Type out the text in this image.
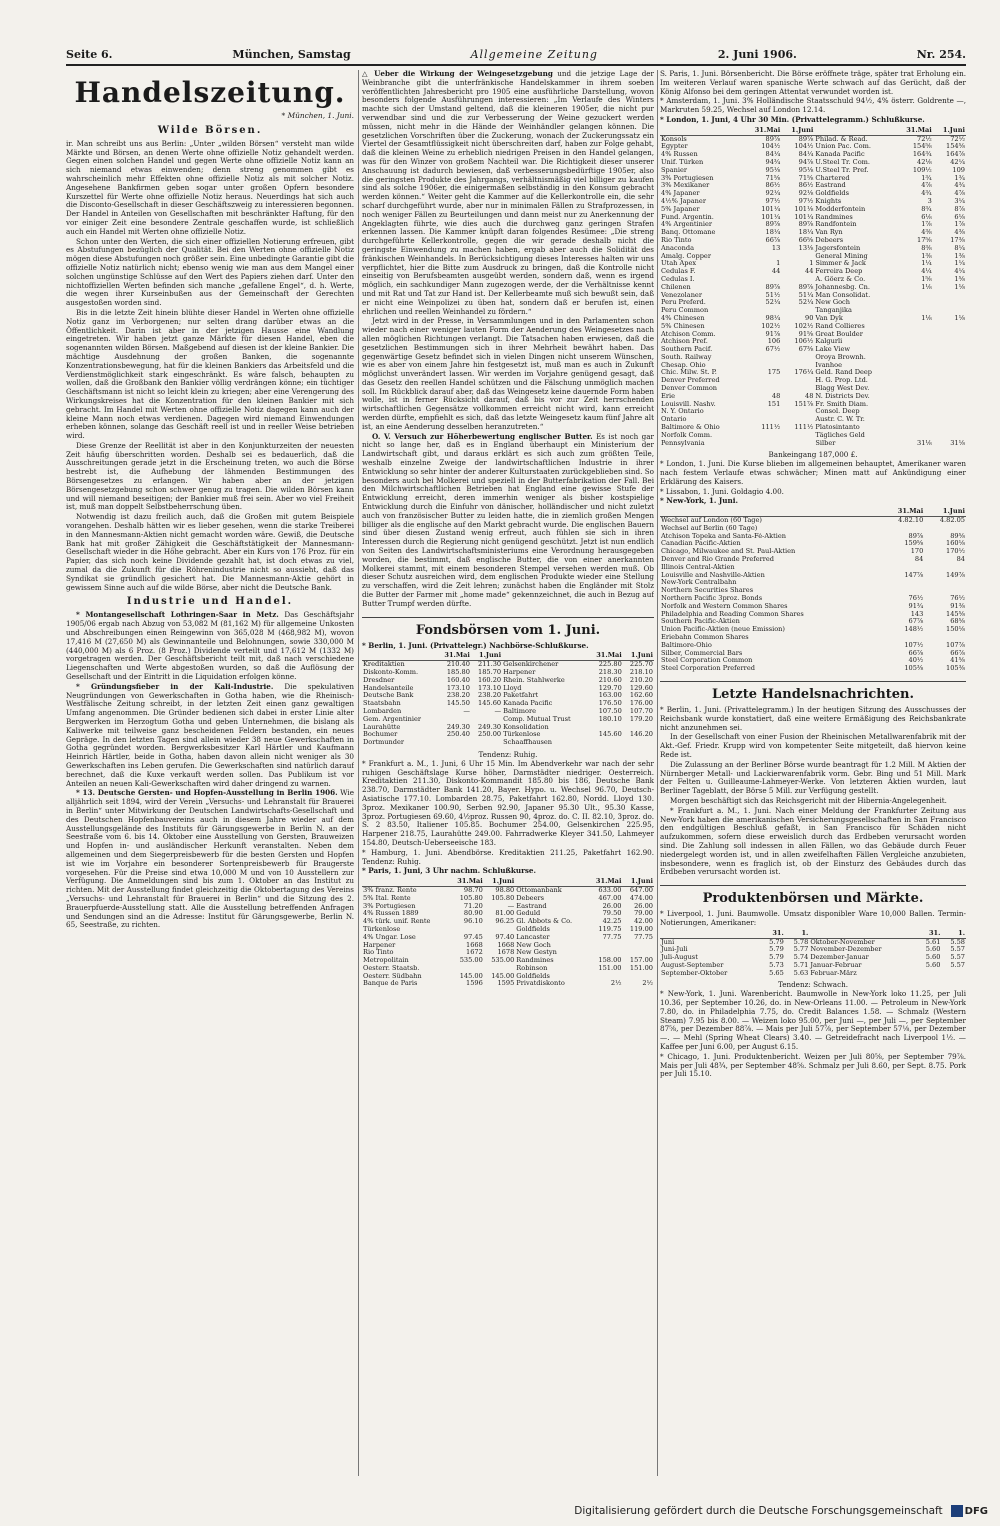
Seite 6.	München, Samstag	Allgemeine Zeitung	2. Juni 1906.	Nr. 254.
Handelszeitung.
* München, 1. Juni.
Wilde Börsen.

ir. Man schreibt uns aus Berlin: „Unter „wilden Börsen“ versteht man wilde Märkte und Börsen, an denen Werte ohne offizielle Notiz gehandelt werden. Gegen einen solchen Handel und gegen Werte ohne offizielle Notiz kann an sich niemand etwas einwenden; denn streng genommen gibt es wahrscheinlich mehr Effekten ohne offizielle Notiz als mit solcher Notiz. Angesehene Bankfirmen geben sogar unter großen Opfern besondere Kurszettel für Werte ohne offizielle Notiz heraus. Neuerdings hat sich auch die Disconto-Gesellschaft in dieser Geschäftszweig zu interessieren begonnen. Der Handel in Anteilen von Gesellschaften mit beschränkter Haftung, für den vor einiger Zeit eine besondere Zentrale geschaffen wurde, ist schließlich auch ein Handel mit Werten ohne offizielle Notiz.

Schon unter den Werten, die sich einer offiziellen Notierung erfreuen, gibt es Abstufungen bezüglich der Qualität. Bei den Werten ohne offizielle Notiz mögen diese Abstufungen noch größer sein. Eine unbedingte Garantie gibt die offizielle Notiz natürlich nicht; ebenso wenig wie man aus dem Mangel einer solchen ungünstige Schlüsse auf den Wert des Papiers ziehen darf. Unter den nichtoffiziellen Werten befinden sich manche „gefallene Engel“, d. h. Werte, die wegen ihrer Kurseinbußen aus der Gemeinschaft der Gerechten ausgestoßen worden sind.

Bis in die letzte Zeit hinein blühte dieser Handel in Werten ohne offizielle Notiz ganz im Verborgenen; nur selten drang darüber etwas an die Öffentlichkeit. Darin ist aber in der jetzigen Hausse eine Wandlung eingetreten. Wir haben jetzt ganze Märkte für diesen Handel, eben die sogenannten wilden Börsen. Maßgebend auf diesen ist der kleine Bankier. Die mächtige Ausdehnung der großen Banken, die sogenannte Konzentrationsbewegung, hat für die kleinen Bankiers das Arbeitsfeld und die Verdienstmöglichkeit stark eingeschränkt. Es wäre falsch, behaupten zu wollen, daß die Großbank den Bankier völlig verdrängen könne; ein tüchtiger Geschäftsmann ist nicht so leicht klein zu kriegen; aber eine Verengerung des Wirkungskreises hat die Konzentration für den kleinen Bankier mit sich gebracht. Im Handel mit Werten ohne offizielle Notiz dagegen kann auch der kleine Mann noch etwas verdienen. Dagegen wird niemand Einwendungen erheben können, solange das Geschäft reell ist und in reeller Weise betrieben wird.

Diese Grenze der Reellität ist aber in den Konjunkturzeiten der neuesten Zeit häufig überschritten worden. Deshalb sei es bedauerlich, daß die Ausschreitungen gerade jetzt in die Erscheinung treten, wo auch die Börse bestrebt ist, die Aufhebung der lähmenden Bestimmungen des Börsengesetzes zu erlangen. Wir haben aber an der jetzigen Börsengesetzgebung schon schwer genug zu tragen. Die wilden Börsen kann und will niemand beseitigen; der Bankier muß frei sein. Aber wo viel Freiheit ist, muß man doppelt Selbstbeherrschung üben.

Notwendig ist dazu freilich auch, daß die Großen mit gutem Beispiele vorangehen. Deshalb hätten wir es lieber gesehen, wenn die starke Treiberei in den Mannesmann-Aktien nicht gemacht worden wäre. Gewiß, die Deutsche Bank hat mit großer Zähigkeit die Geschäftstätigkeit der Mannesmann-Gesellschaft wieder in die Höhe gebracht. Aber ein Kurs von 176 Proz. für ein Papier, das sich noch keine Dividende gezahlt hat, ist doch etwas zu viel, zumal da die Zukunft für die Röhrenindustrie nicht so aussieht, daß das Syndikat sie gründlich gesichert hat. Die Mannesmann-Aktie gehört in gewissem Sinne auch auf die wilde Börse, aber nicht die Deutsche Bank.

Industrie und Handel.

* Montangesellschaft Lothringen-Saar in Metz. Das Geschäftsjahr 1905/06 ergab nach Abzug von 53,082 M (81,162 M) für allgemeine Unkosten und Abschreibungen einen Reingewinn von 365,028 M (468,982 M), wovon 17,416 M (27,650 M) als Gewinnanteile und Belohnungen, sowie 330,000 M (440,000 M) als 6 Proz. (8 Proz.) Dividende verteilt und 17,612 M (1332 M) vorgetragen werden. Der Geschäftsbericht teilt mit, daß nach verschiedene Liegenschaften und Werte abgestoßen wurden, so daß die Auflösung der Gesellschaft und der Eintritt in die Liquidation erfolgen könne.

* Gründungsfieber in der Kali-Industrie. Die spekulativen Neugründungen von Gewerkschaften in Gotha haben, wie die Rheinisch-Westfälische Zeitung schreibt, in der letzten Zeit einen ganz gewaltigen Umfang angenommen. Die Gründer bedienen sich dabei in erster Linie alter Bergwerken im Herzogtum Gotha und geben Unternehmen, die bislang als Kaliwerke mit teilweise ganz bescheidenen Feldern bestanden, ein neues Gepräge. In den letzten Tagen sind allein wieder 38 neue Gewerkschaften in Gotha gegründet worden. Bergwerksbesitzer Karl Härtler und Kaufmann Heinrich Härtler, beide in Gotha, haben davon allein nicht weniger als 30 Gewerkschaften ins Leben gerufen. Die Gewerkschaften sind natürlich darauf berechnet, daß die Kuxe verkauft werden sollen. Das Publikum ist vor Anteilen an neuen Kali-Gewerkschaften wird daher dringend zu warnen.

* 13. Deutsche Gersten- und Hopfen-Ausstellung in Berlin 1906. Wie alljährlich seit 1894, wird der Verein „Versuchs- und Lehranstalt für Brauerei in Berlin“ unter Mitwirkung der Deutschen Landwirtschafts-Gesellschaft und des Deutschen Hopfenbauvereins auch in diesem Jahre wieder auf dem Ausstellungsgelände des Instituts für Gärungsgewerbe in Berlin N. an der Seestraße vom 6. bis 14. Oktober eine Ausstellung von Gersten, Brauweizen und Hopfen in- und ausländischer Herkunft veranstalten. Neben dem allgemeinen und dem Siegerpreisbewerb für die besten Gersten und Hopfen ist wie im Vorjahre ein besonderer Sortenpreisbewerb für Braugerste vorgesehen. Für die Preise sind etwa 10,000 M und von 10 Ausstellern zur Verfügung. Die Anmeldungen sind bis zum 1. Oktober an das Institut zu richten. Mit der Ausstellung findet gleichzeitig die Oktobertagung des Vereins „Versuchs- und Lehranstalt für Brauerei in Berlin“ und die Sitzung des 2. Brauerpfuerde-Ausstellung statt. Alle die Ausstellung betreffenden Anfragen und Sendungen sind an die Adresse: Institut für Gärungsgewerbe, Berlin N. 65, Seestraße, zu richten.

△ Ueber die Wirkung der Weingesetzgebung und die jetzige Lage der Weinbranche gibt die unterfränkische Handelskammer in ihrem soeben veröffentlichten Jahresbericht pro 1905 eine ausführliche Darstellung, wovon besonders folgende Ausführungen interessieren: „Im Verlaufe des Winters machte sich der Umstand geltend, daß die kleineren 1905er, die nicht pur verwendbar sind und die zur Verbesserung der Weine gezuckert werden müssen, nicht mehr in die Hände der Weinhändler gelangen können. Die gesetzlichen Vorschriften über die Zuckerung, wonach der Zuckerungssatz ein Viertel der Gesamtflüssigkeit nicht überschreiten darf, haben zur Folge gehabt, daß die kleinen Weine zu erheblich niedrigen Preisen in den Handel gelangen, was für den Winzer von großem Nachteil war. Die Richtigkeit dieser unserer Anschauung ist dadurch bewiesen, daß verbesserungsbedürftige 1905er, also die geringsten Produkte des Jahrgangs, verhältnismäßig viel billiger zu kaufen sind als solche 1906er, die einigermaßen selbständig in den Konsum gebracht werden können.“ Weiter geht die Kammer auf die Kellerkontrolle ein, die sehr scharf durchgeführt wurde, aber nur in minimalen Fällen zu Strafprozessen, in noch weniger Fällen zu Beurteilungen und dann meist nur zu Anerkennung der Angeklagten führte, wie dies auch die durchweg ganz geringen Strafen erkennen lassen. Die Kammer knüpft daran folgendes Resümee: „Die streng durchgeführte Kellerkontrolle, gegen die wir gerade deshalb nicht die geringste Einwendung zu machen haben, ergab aber auch die Solidität des fränkischen Weinhandels. In Berücksichtigung dieses Interesses halten wir uns verpflichtet, hier die Bitte zum Ausdruck zu bringen, daß die Kontrolle nicht einseitig von Berufsbeamten ausgeübt werden, sondern daß, wenn es irgend möglich, ein sachkundiger Mann zugezogen werde, der die Verhältnisse kennt und mit Rat und Tat zur Hand ist. Der Kellerbeamte muß sich bewußt sein, daß er nicht eine Weinpolizei zu üben hat, sondern daß er berufen ist, einen ehrlichen und reellen Weinhandel zu fördern.“

Jetzt wird in der Presse, in Versammlungen und in den Parlamenten schon wieder nach einer weniger lauten Form der Aenderung des Weingesetzes nach allen möglichen Richtungen verlangt. Die Tatsachen haben erwiesen, daß die gesetzlichen Bestimmungen sich in ihrer Mehrheit bewährt haben. Das gegenwärtige Gesetz befindet sich in vielen Dingen nicht unserem Wünschen, wie es aber von einem Jahre hin festgesetzt ist, muß man es auch in Zukunft möglichst unverändert lassen. Wir werden im Vorjahre genügend gesagt, daß das Gesetz den reellen Handel schützen und die Fälschung unmöglich machen soll. Im Rückblick darauf aber, daß das Weingesetz keine dauernde Form haben wolle, ist in ferner Rücksicht darauf, daß bis vor zur Zeit herrschenden wirtschaftlichen Gegensätze vollkommen erreicht nicht wird, kann erreicht werden dürfte, empfiehlt es sich, daß das letzte Weingesetz kaum fünf Jahre alt ist, an eine Aenderung desselben heranzutreten.“

O. V. Versuch zur Höherbewertung englischer Butter. Es ist noch gar nicht so lange her, daß es in England überhaupt ein Ministerium der Landwirtschaft gibt, und daraus erklärt es sich auch zum größten Teile, weshalb einzelne Zweige der landwirtschaftlichen Industrie in ihrer Entwicklung so sehr hinter der anderer Kulturstaaten zurückgeblieben sind. So besonders auch bei Molkerei und speziell in der Butterfabrikation der Fall. Bei den Milchwirtschaftlichen Betrieben hat England eine gewisse Stufe der Entwicklung erreicht, deren immerhin weniger als bisher kostspielige Entwicklung durch die Einfuhr von dänischer, holländischer und nicht zuletzt auch von französischer Butter zu leiden hatte, die in ziemlich großen Mengen billiger als die englische auf den Markt gebracht wurde. Die englischen Bauern sind über diesen Zustand wenig erfreut, auch fühlen sie sich in ihren Interessen durch die Regierung nicht genügend geschützt. Jetzt ist nun endlich von Seiten des Landwirtschaftsministeriums eine Verordnung herausgegeben worden, die bestimmt, daß englische Butter, die von einer anerkannten Molkerei stammt, mit einem besonderen Stempel versehen werden muß. Ob dieser Schutz ausreichen wird, dem englischen Produkte wieder eine Stellung zu verschaffen, wird die Zeit lehren; zunächst haben die Engländer mit Stolz die Butter der Farmer mit „home made“ gekennzeichnet, die auch in Bezug auf Butter Trumpf werden dürfte.

Fondsbörsen vom 1. Juni.
* Berlin, 1. Juni. (Privattelegr.) Nachbörse-Schlußkurse.
	31.Mai	1.Juni		31.Mai	1.Juni
Kreditaktien	210.40	211.30	Gelsenkirchener	225.80	225.70
Diskonto-Komm.	185.80	185.70	Harpener	218.30	218.10
Dresdner	160.40	160.20	Rhein. Stahlwerke	210.60	210.20
Handelsanteile	173.10	173.10	Lloyd	129.70	129.60
Deutsche Bank	238.20	238.20	Paketfahrt	163.00	162.60
Staatsbahn	145.50	145.60	Kanada Pacific	176.50	176.00
Lombarden	—	—	Baltimore	107.50	107.70
Gem. Argentinier			Comp. Mutual Trust	180.10	179.20
Laurahütte	249.30	249.30	Konsolidation		
Bochumer	250.40	250.00	Türkenlose	145.60	146.20
Dortmunder			Schaaffhausen		
Tendenz: Ruhig.

* Frankfurt a. M., 1. Juni, 6 Uhr 15 Min. Im Abendverkehr war nach der sehr ruhigen Geschäftslage Kurse höher, Darmstädter niedriger. Oesterreich. Kreditaktien 211.30, Diskonto-Kommandit 185.80 bis 186, Deutsche Bank 238.70, Darmstädter Bank 141.20, Bayer. Hypo. u. Wechsel 96.70, Deutsch-Asiatische 177.10. Lombarden 28.75, Paketfahrt 162.80, Nordd. Lloyd 130. 3proz. Mexikaner 100.90, Serben 92.90, Japaner 95.30 Ult., 95.30 Kasse, 3proz. Portugiesen 69.60, 4½proz. Russen 90, 4proz. do. C. II. 82.10, 3proz. do. S. 2 83.50, Italiener 105.85. Bochumer 254.00, Gelsenkirchen 225.95, Harpener 218.75, Laurahütte 249.00. Fahrradwerke Kleyer 341.50, Lahmeyer 154.80, Deutsch-Ueberseeische 183.

* Hamburg, 1. Juni. Abendbörse. Kreditaktien 211.25, Paketfahrt 162.90. Tendenz: Ruhig.

* Paris, 1. Juni, 3 Uhr nachm. Schlußkurse.
	31.Mai	1.Juni		31.Mai	1.Juni
3% franz. Rente	98.70	98.80	Ottomanbank	633.00	647.00
5% Ital. Rente	105.80	105.80	Debeers	467.00	474.00
3% Portugiesen	71.20	—	Eastrand	26.00	26.00
4% Russen 1889	80.90	81.00	Geduld	79.50	79.00
4% türk. unif. Rente	96.10	96.25	Gl. Abbots & Co.	42.25	42.00
Türkenlose			Goldfields	119.75	119.00
4% Ungar. Lose	97.45	97.40	Lancaster	77.75	77.75
Harpener	1668	1668	New Goch		
Rio Tinto	1672	1678	New Gestyn		
Metropolitain	535.00	535.00	Randmines	158.00	157.00
Oesterr. Staatsb.			Robinson	151.00	151.00
Oesterr. Südbahn	145.00	145.00	Goldfields		
Banque de Paris	1596	1595	Privatdiskonto	2½	2½

S. Paris, 1. Juni. Börsenbericht. Die Börse eröffnete träge, später trat Erholung ein. Im weiteren Verlauf waren spanische Werte schwach auf das Gerücht, daß der König Alfonso bei dem geringen Attentat verwundet worden ist.

* Amsterdam, 1. Juni. 3% Holländische Staatsschuld 94½, 4% österr. Goldrente —, Markruten 59.25, Wechsel auf London 12.14.

* London, 1. Juni, 4 Uhr 30 Min. (Privattelegramm.) Schlußkurse.
	31.Mai	1.Juni		31.Mai	1.Juni
Konsols	89⅞	89⅞	Philad. & Read.	72½	72½
Egypter	104½	104½	Union Pac. Com.	154⅝	154⅝
4% Russen	84¼	84¼	Kanada Pacific	164¾	164⅞
Unif. Türken	94¾	94⅞	U.Steel Tr. Com.	42⅛	42¼
Spanier	95⅛	95⅛	U.Steel Tr. Pref.	109½	109
3% Portugiesen	71⅝	71⅝	Chartered	1¾	1¾
3% Mexikaner	86½	86½	Eastrand	4⅞	4¾
4% Japaner	92¼	92⅛	Goldfields	4¾	4⅞
4½% Japaner	97½	97½	Knights	3	3¼
5% Japaner	101¼	101⅛	Modderfontein	8¾	8⅞
Fund. Argentin.	101¼	101¼	Randmines	6⅛	6⅛
4% Argentinier	89⅞	89⅞	Randfontein	1⅞	1⅞
Banq. Ottomane	18¼	18¼	Van Ryn	4⅜	4⅜
Rio Tinto	66⅞	66⅝	Debeers	17⅝	17⅜
Anaconda	13	13⅛	Jagersfontein	8⅜	8¼
Amalg. Copper			General Mining	1⅜	1⅜
Utah Apex	1	1	Simmer & Jack	1¼	1¼
Cedulas F.	44	44	Ferreira Deep	4¼	4¼
Cedulas I.			A. Göerz & Co.	1⅝	1⅝
Chilenen	89⅞	89⅞	Johannesbg. Cn.	1⅛	1⅛
Venezolaner	51½	51¼	Man Consolidat.		
Peru Preferd.	52¼	52¼	New Goch		
Peru Common			Tanganjika		
4% Chinesen	98¼	90	Van Dyk	1⅛	1⅛
5% Chinesen	102½	102½	Rand Collieres		
Atchison Comm.	91⅞	91⅝	Great Boulder		
Atchison Pref.	106	106½	Kalgurli		
Southern Pacif.	67½	67⅜	Lake View		
South. Railway			Oroya Brownh.		
Chesap. Ohio			Ivanhoe		
Chic. Milw. St. P.	175	176¼	Geld. Rand Deep		
Denver Preferred			H. G. Prop. Ltd.		
Denver Common			Blagg West Dev.		
Erie	48	48	N. Districts Dev.		
Louisvill. Nashv.	151	151⅞	Fr. Smith Diam.		
N. Y. Ontario			Consol. Deep		
Ontario			Austr. C. W. Tr.		
Baltimore & Ohio	111½	111½	Platosintanto		
Norfolk Comm.			Tägliches Geld		
Pennsylvania			Silber	31⅛	31⅛
Bankeingang 187,000 £.

* London, 1. Juni. Die Kurse blieben im allgemeinen behauptet, Amerikaner waren nach festem Verlaufe etwas schwächer; Minen matt auf Ankündigung einer Erklärung des Kaisers.

* Lissabon, 1. Juni. Goldagio 4.00.

* New-York, 1. Juni.
	31.Mai	1.Juni
Wechsel auf London (60 Tage)	4.82.10	4.82.05
Wechsel auf Berlin (60 Tage)		
Atchison Topeka and Santa-Fé-Aktien	89⅞	89⅝
Canadian Pacific-Aktien	159⅝	160⅛
Chicago, Milwaukee and St. Paul-Aktien	170	170½
Denver and Rio Grande Preferred	84	84
Illinois Central-Aktien		
Louisville and Nashville-Aktien	147⅞	149⅞
New-York Centralbahn		
Northern Securities Shares		
Northern Pacific 3proz. Bonds	76½	76½
Norfolk and Western Common Shares	91¾	91⅜
Philadelphia and Reading Common Shares	143	145⅝
Southern Pacific-Aktien	67⅞	68⅝
Union Pacific-Aktien (neue Emission)	148½	150⅛
Eriebahn Common Shares		
Baltimore-Ohio	107½	107⅞
Silber, Commercial Bars	66⅞	66⅞
Steel Corporation Common	40½	41⅝
Steel Corporation Preferred	105⅜	105⅜
Letzte Handelsnachrichten.

* Berlin, 1. Juni. (Privattelegramm.) In der heutigen Sitzung des Ausschusses der Reichsbank wurde konstatiert, daß eine weitere Ermäßigung des Reichsbankrate nicht anzunehmen sei.

In der Gesellschaft von einer Fusion der Rheinischen Metallwarenfabrik mit der Akt.-Gef. Friedr. Krupp wird von kompetenter Seite mitgeteilt, daß hiervon keine Rede ist.

Die Zulassung an der Berliner Börse wurde beantragt für 1.2 Mill. M Aktien der Nürnberger Metall- und Lackierwarenfabrik vorm. Gebr. Bing und 51 Mill. Mark der Felten u. Guilleaume-Lahmeyer-Werke. Von letzteren Aktien wurden, laut Berliner Tageblatt, der Börse 5 Mill. zur Verfügung gestellt.

Morgen beschäftigt sich das Reichsgericht mit der Hibernia-Angelegenheit.

* Frankfurt a. M., 1. Juni. Nach einer Meldung der Frankfurter Zeitung aus New-York haben die amerikanischen Versicherungsgesellschaften in San Francisco den endgültigen Beschluß gefaßt, in San Francisco für Schäden nicht aufzukommen, sofern diese erweislich durch das Erdbeben verursacht worden sind. Die Zahlung soll indessen in allen Fällen, wo das Gebäude durch Feuer niedergelegt worden ist, und in allen zweifelhaften Fällen Vergleiche anzubieten, insbesondere, wenn es fraglich ist, ob der Einsturz des Gebäudes durch das Erdbeben verursacht worden ist.

Produktenbörsen und Märkte.

* Liverpool, 1. Juni. Baumwolle. Umsatz disponibler Ware 10,000 Ballen. Termin-Notierungen, Amerikaner:

	31.	1.		31.	1.
Juni	5.79	5.78	Oktober-November	5.61	5.58
Juni-Juli	5.79	5.77	November-Dezember	5.60	5.57
Juli-August	5.79	5.74	Dezember-Januar	5.60	5.57
August-September	5.73	5.71	Januar-Februar	5.60	5.57
September-Oktober	5.65	5.63	Februar-März		
Tendenz: Schwach.

* New-York, 1. Juni. Warenbericht. Baumwolle in New-York loko 11.25, per Juli 10.36, per September 10.26, do. in New-Orleans 11.00. — Petroleum in New-York 7.80, do. in Philadelphia 7.75, do. Credit Balances 1.58. — Schmalz (Western Steam) 7.95 bis 8.00. — Weizen loko 95.00, per Juni —, per Juli —, per September 87⅝, per Dezember 88⅞. — Mais per Juli 57⅞, per September 57⅛, per Dezember —. — Mehl (Spring Wheat Clears) 3.40. — Getreidefracht nach Liverpool 1½. — Kaffee per Juni 6.00, per August 6.15.

* Chicago, 1. Juni. Produktenbericht. Weizen per Juli 80⅝, per September 79⅞. Mais per Juli 48¾, per September 48⅝. Schmalz per Juli 8.60, per Sept. 8.75. Pork per Juli 15.10.

Digitalisierung gefördert durch die Deutsche Forschungsgemeinschaft DFG
